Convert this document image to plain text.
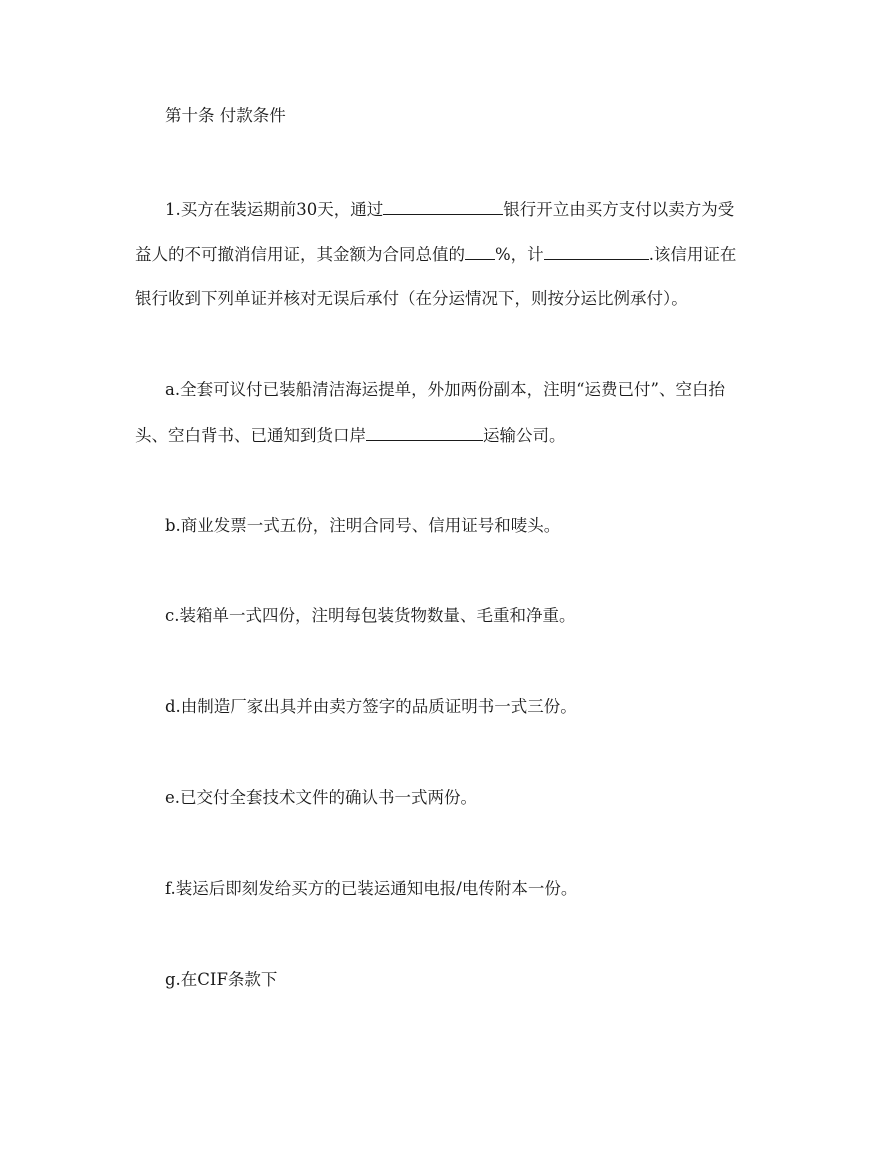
第十条 付款条件
1.买方在装运期前30天，通过	银行开立由买方支付以卖方为受
益人的不可撤消信用证，其金额为合同总值的 %，计	.该信用证在
银行收到下列单证并核对无误后承付（在分运情况下，则按分运比例承付）。
a.全套可议付已装船清洁海运提单，外加两份副本，注明“运费已付”、空白抬
头、空白背书、已通知到货口岸	运输公司。
b.商业发票一式五份，注明合同号、信用证号和唛头。
c.装箱单一式四份，注明每包装货物数量、毛重和净重。
d.由制造厂家出具并由卖方签字的品质证明书一式三份。
e.已交付全套技术文件的确认书一式两份。
f.装运后即刻发给买方的已装运通知电报/电传附本一份。
g.在CIF条款下
